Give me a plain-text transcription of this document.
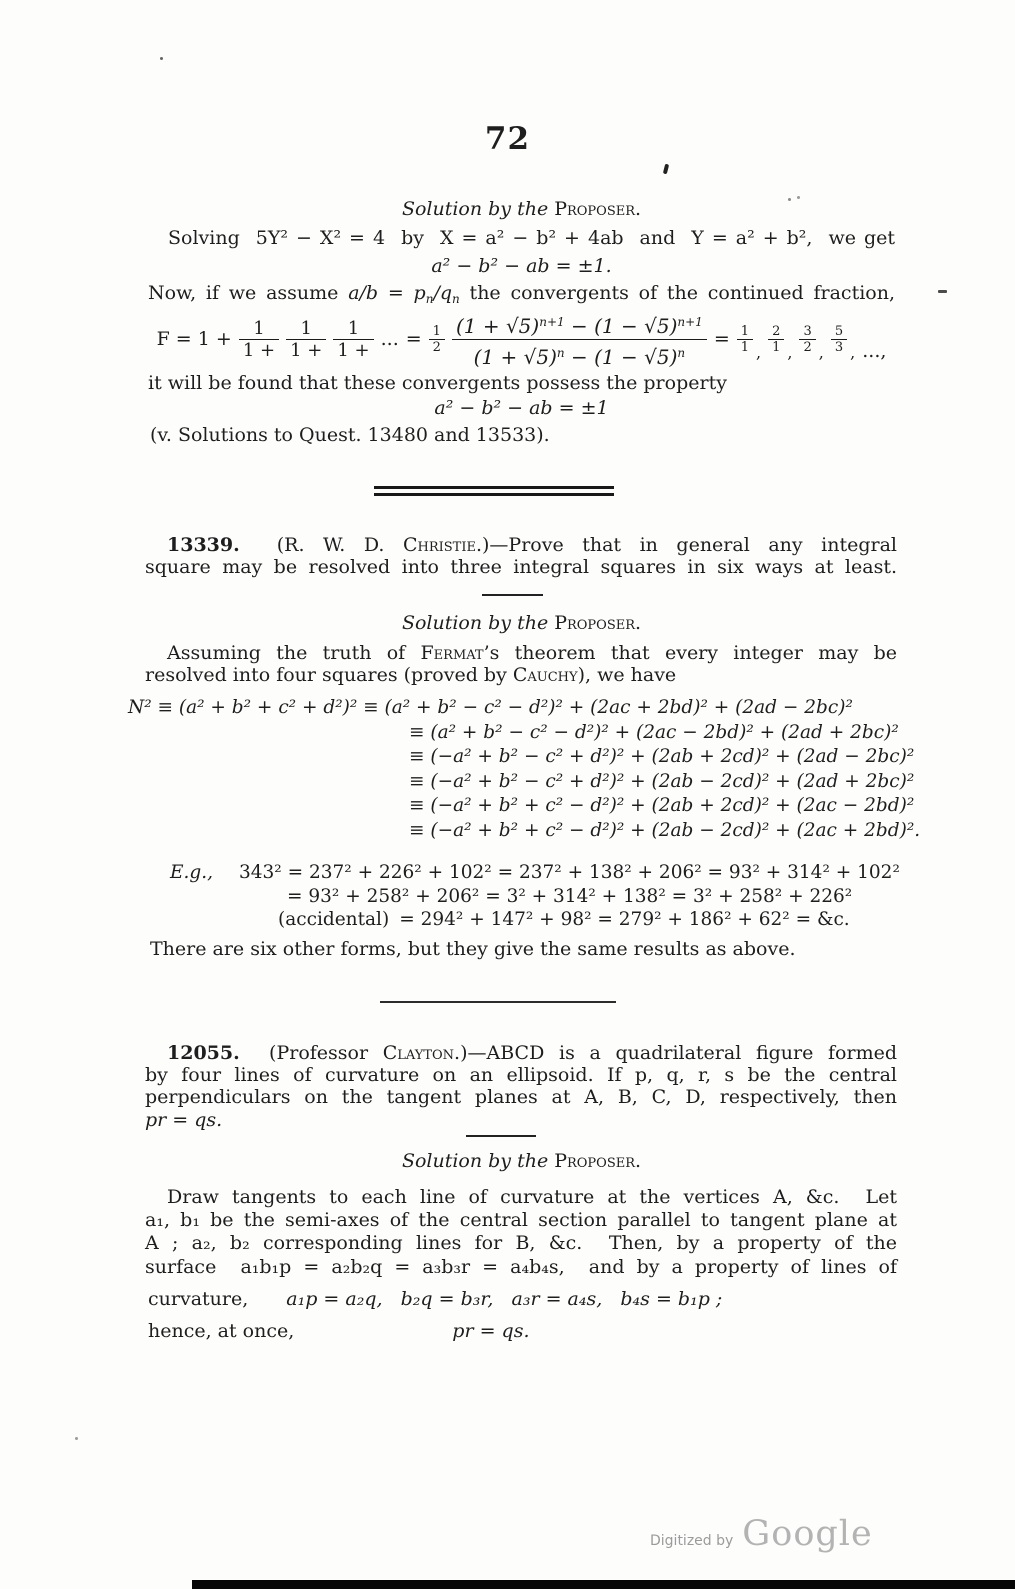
72
Solution by the Proposer.
Solving  5Y² − X² = 4  by  X = a² − b² + 4ab  and  Y = a² + b²,  we get
a² − b² − ab = ±1.
Now, if we assume $a/b = p_n/q_n$ the convergents of the continued fraction,
$F = 1 + \frac{1}{1 +} \frac{1}{1 +} \frac{1}{1 +}$ ... = $\frac{1}{2} \frac{(1 + √5)^{n+1} - (1 - √5)^{n+1}}{(1 + √5)^n - (1 - √5)^n} = \frac{1}{1}$ , $\frac{2}{1}$ , $\frac{3}{2}$ , $\frac{5}{3}$ , ...,
it will be found that these convergents possess the property
a² − b² − ab = ±1
(v. Solutions to Quest. 13480 and 13533).
13339.  (R. W. D. Christie.)—Prove that in general any integral
square may be resolved into three integral squares in six ways at least.
Solution by the Proposer.
Assuming the truth of Fermat’s theorem that every integer may be
resolved into four squares (proved by Cauchy), we have
N² ≡ (a² + b² + c² + d²)² ≡ (a² + b² − c² − d²)² + (2ac + 2bd)² + (2ad − 2bc)²
≡ (a² + b² − c² − d²)² + (2ac − 2bd)² + (2ad + 2bc)²
≡ (−a² + b² − c² + d²)² + (2ab + 2cd)² + (2ad − 2bc)²
≡ (−a² + b² − c² + d²)² + (2ab − 2cd)² + (2ad + 2bc)²
≡ (−a² + b² + c² − d²)² + (2ab + 2cd)² + (2ac − 2bd)²
≡ (−a² + b² + c² − d²)² + (2ab − 2cd)² + (2ac + 2bd)².
E.g., 343² = 237² + 226² + 102² = 237² + 138² + 206² = 93² + 314² + 102²
= 93² + 258² + 206² = 3² + 314² + 138² = 3² + 258² + 226²
(accidental) = 294² + 147² + 98² = 279² + 186² + 62² = &c.
There are six other forms, but they give the same results as above.
12055.  (Professor Clayton.)—ABCD is a quadrilateral figure formed
by four lines of curvature on an ellipsoid. If p, q, r, s be the central
perpendiculars on the tangent planes at A, B, C, D, respectively, then
pr = qs.
Solution by the Proposer.
Draw tangents to each line of curvature at the vertices A, &c.  Let
a₁, b₁ be the semi-axes of the central section parallel to tangent plane at
A ; a₂, b₂ corresponding lines for B, &c.  Then, by a property of the
surface  a₁b₁p = a₂b₂q = a₃b₃r = a₄b₄s,  and by a property of lines of
curvature, a₁p = a₂q,   b₂q = b₃r,   a₃r = a₄s,   b₄s = b₁p ;
hence, at once,	pr = qs.
Digitized by Google
